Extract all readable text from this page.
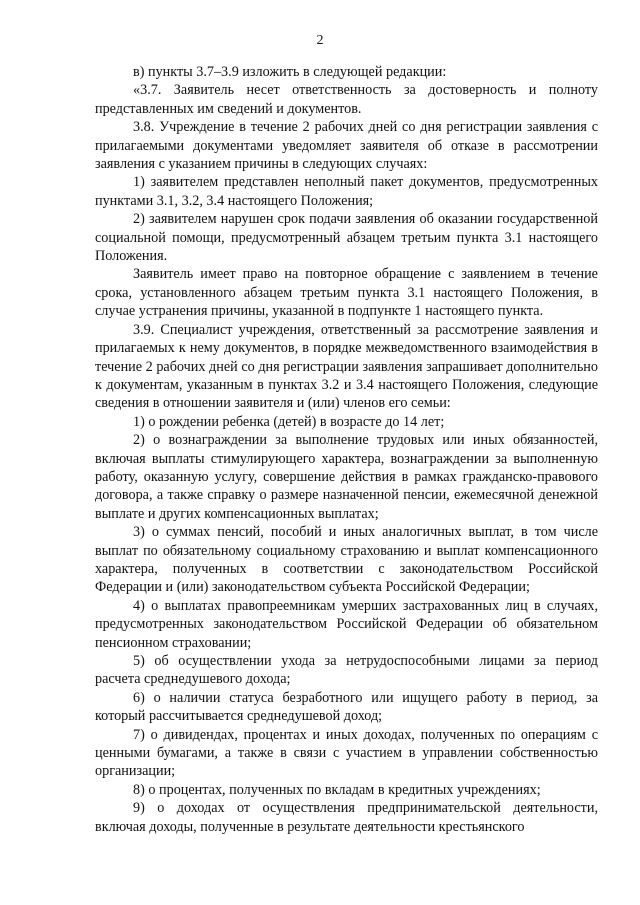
2

в) пункты 3.7–3.9 изложить в следующей редакции:

«3.7. Заявитель несет ответственность за достоверность и полноту представленных им сведений и документов.

3.8. Учреждение в течение 2 рабочих дней со дня регистрации заявления с прилагаемыми документами уведомляет заявителя об отказе в рассмотрении заявления с указанием причины в следующих случаях:

1) заявителем представлен неполный пакет документов, предусмотренных пунктами 3.1, 3.2, 3.4 настоящего Положения;

2) заявителем нарушен срок подачи заявления об оказании государственной социальной помощи, предусмотренный абзацем третьим пункта 3.1 настоящего Положения.

Заявитель имеет право на повторное обращение с заявлением в течение срока, установленного абзацем третьим пункта 3.1 настоящего Положения, в случае устранения причины, указанной в подпункте 1 настоящего пункта.

3.9. Специалист учреждения, ответственный за рассмотрение заявления и прилагаемых к нему документов, в порядке межведомственного взаимодействия в течение 2 рабочих дней со дня регистрации заявления запрашивает дополнительно к документам, указанным в пунктах 3.2 и 3.4 настоящего Положения, следующие сведения в отношении заявителя и (или) членов его семьи:

1) о рождении ребенка (детей) в возрасте до 14 лет;

2) о вознаграждении за выполнение трудовых или иных обязанностей, включая выплаты стимулирующего характера, вознаграждении за выполненную работу, оказанную услугу, совершение действия в рамках гражданско-правового договора, а также справку о размере назначенной пенсии, ежемесячной денежной выплате и других компенсационных выплатах;

3) о суммах пенсий, пособий и иных аналогичных выплат, в том числе выплат по обязательному социальному страхованию и выплат компенсационного характера, полученных в соответствии с законодательством Российской Федерации и (или) законодательством субъекта Российской Федерации;

4) о выплатах правопреемникам умерших застрахованных лиц в случаях, предусмотренных законодательством Российской Федерации об обязательном пенсионном страховании;

5) об осуществлении ухода за нетрудоспособными лицами за период расчета среднедушевого дохода;

6) о наличии статуса безработного или ищущего работу в период, за который рассчитывается среднедушевой доход;

7) о дивидендах, процентах и иных доходах, полученных по операциям с ценными бумагами, а также в связи с участием в управлении собственностью организации;

8) о процентах, полученных по вкладам в кредитных учреждениях;

9) о доходах от осуществления предпринимательской деятельности, включая доходы, полученные в результате деятельности крестьянского
